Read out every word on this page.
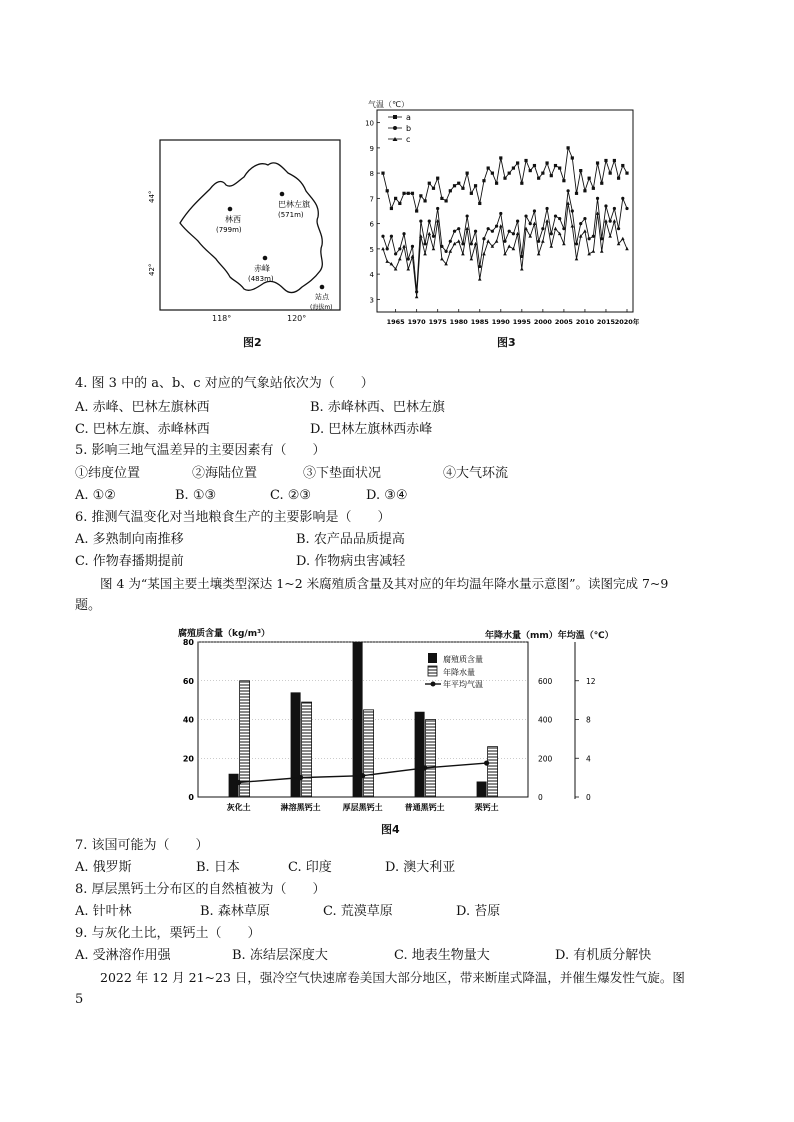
巴林左旗
(571m)
林西
(799m)
赤峰
(483m)
站点
(海拔m)
44°
42°
118°	120°
图2
气温（℃）
10
9
8
7
6
5
4
3
1965 1970 1975 1980 1985 1990 1995 2000 2005 2010 2015 2020年
a
b
c
图3
4. 图 3 中的 a、b、c 对应的气象站依次为（　　）
A. 赤峰、巴林左旗林西	B. 赤峰林西、巴林左旗
C. 巴林左旗、赤峰林西	D. 巴林左旗林西赤峰
5. 影响三地气温差异的主要因素有（　　）
①纬度位置	②海陆位置	③下垫面状况	④大气环流
A. ①②	B. ①③	C. ②③	D. ③④
6. 推测气温变化对当地粮食生产的主要影响是（　　）
A. 多熟制向南推移	B. 农产品品质提高
C. 作物春播期提前	D. 作物病虫害减轻
图 4 为“某国主要土壤类型深达 1~2 米腐殖质含量及其对应的年均温年降水量示意图”。读图完成 7~9
题。
腐殖质含量（kg/m³）	年降水量（mm）年均温（℃）
80
60
40
20
0
600
400
200
0
12
8
4
0
灰化土	淋溶黑钙土	厚层黑钙土	普通黑钙土	栗钙土
腐殖质含量
年降水量
年平均气温
图4
7. 该国可能为（　　）
A. 俄罗斯	B. 日本	C. 印度	D. 澳大利亚
8. 厚层黑钙土分布区的自然植被为（　　）
A. 针叶林	B. 森林草原	C. 荒漠草原	D. 苔原
9. 与灰化土比，栗钙土（　　）
A. 受淋溶作用强	B. 冻结层深度大	C. 地表生物量大	D. 有机质分解快
2022 年 12 月 21~23 日，强冷空气快速席卷美国大部分地区，带来断崖式降温，并催生爆发性气旋。图
5
